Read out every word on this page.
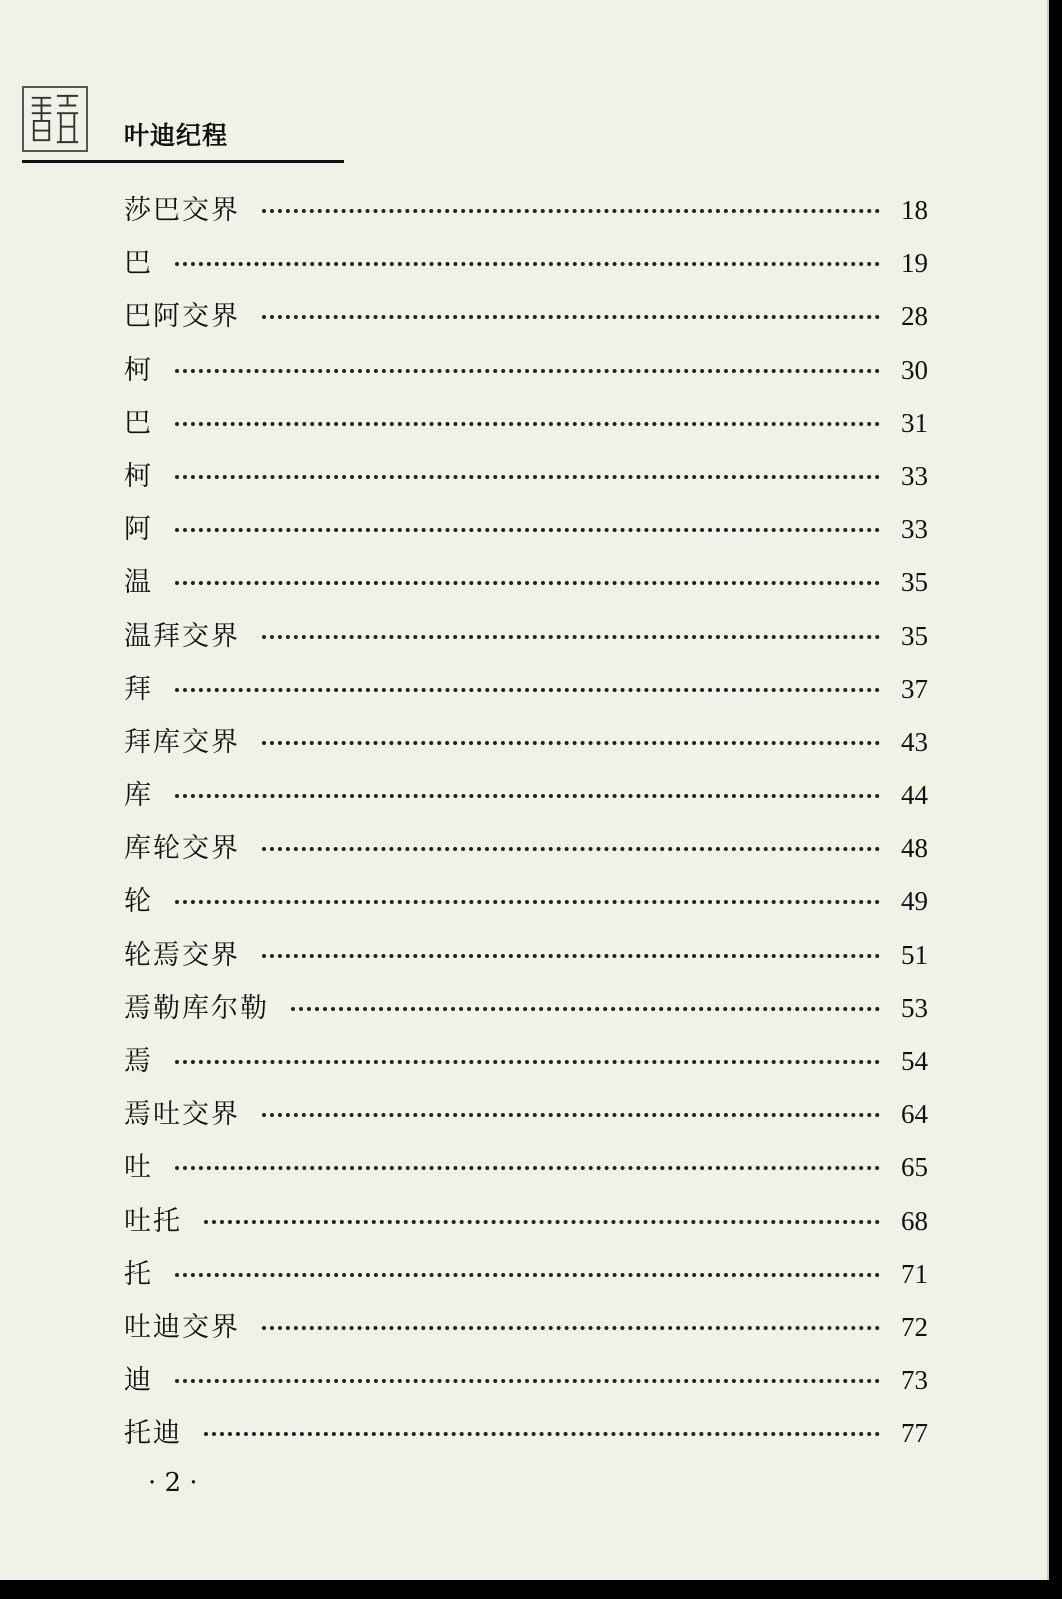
叶迪纪程
莎巴交界	18
巴	19
巴阿交界	28
柯	30
巴	31
柯	33
阿	33
温	35
温拜交界	35
拜	37
拜库交界	43
库	44
库轮交界	48
轮	49
轮焉交界	51
焉勒库尔勒	53
焉	54
焉吐交界	64
吐	65
吐托	68
托	71
吐迪交界	72
迪	73
托迪	77
· 2 ·
